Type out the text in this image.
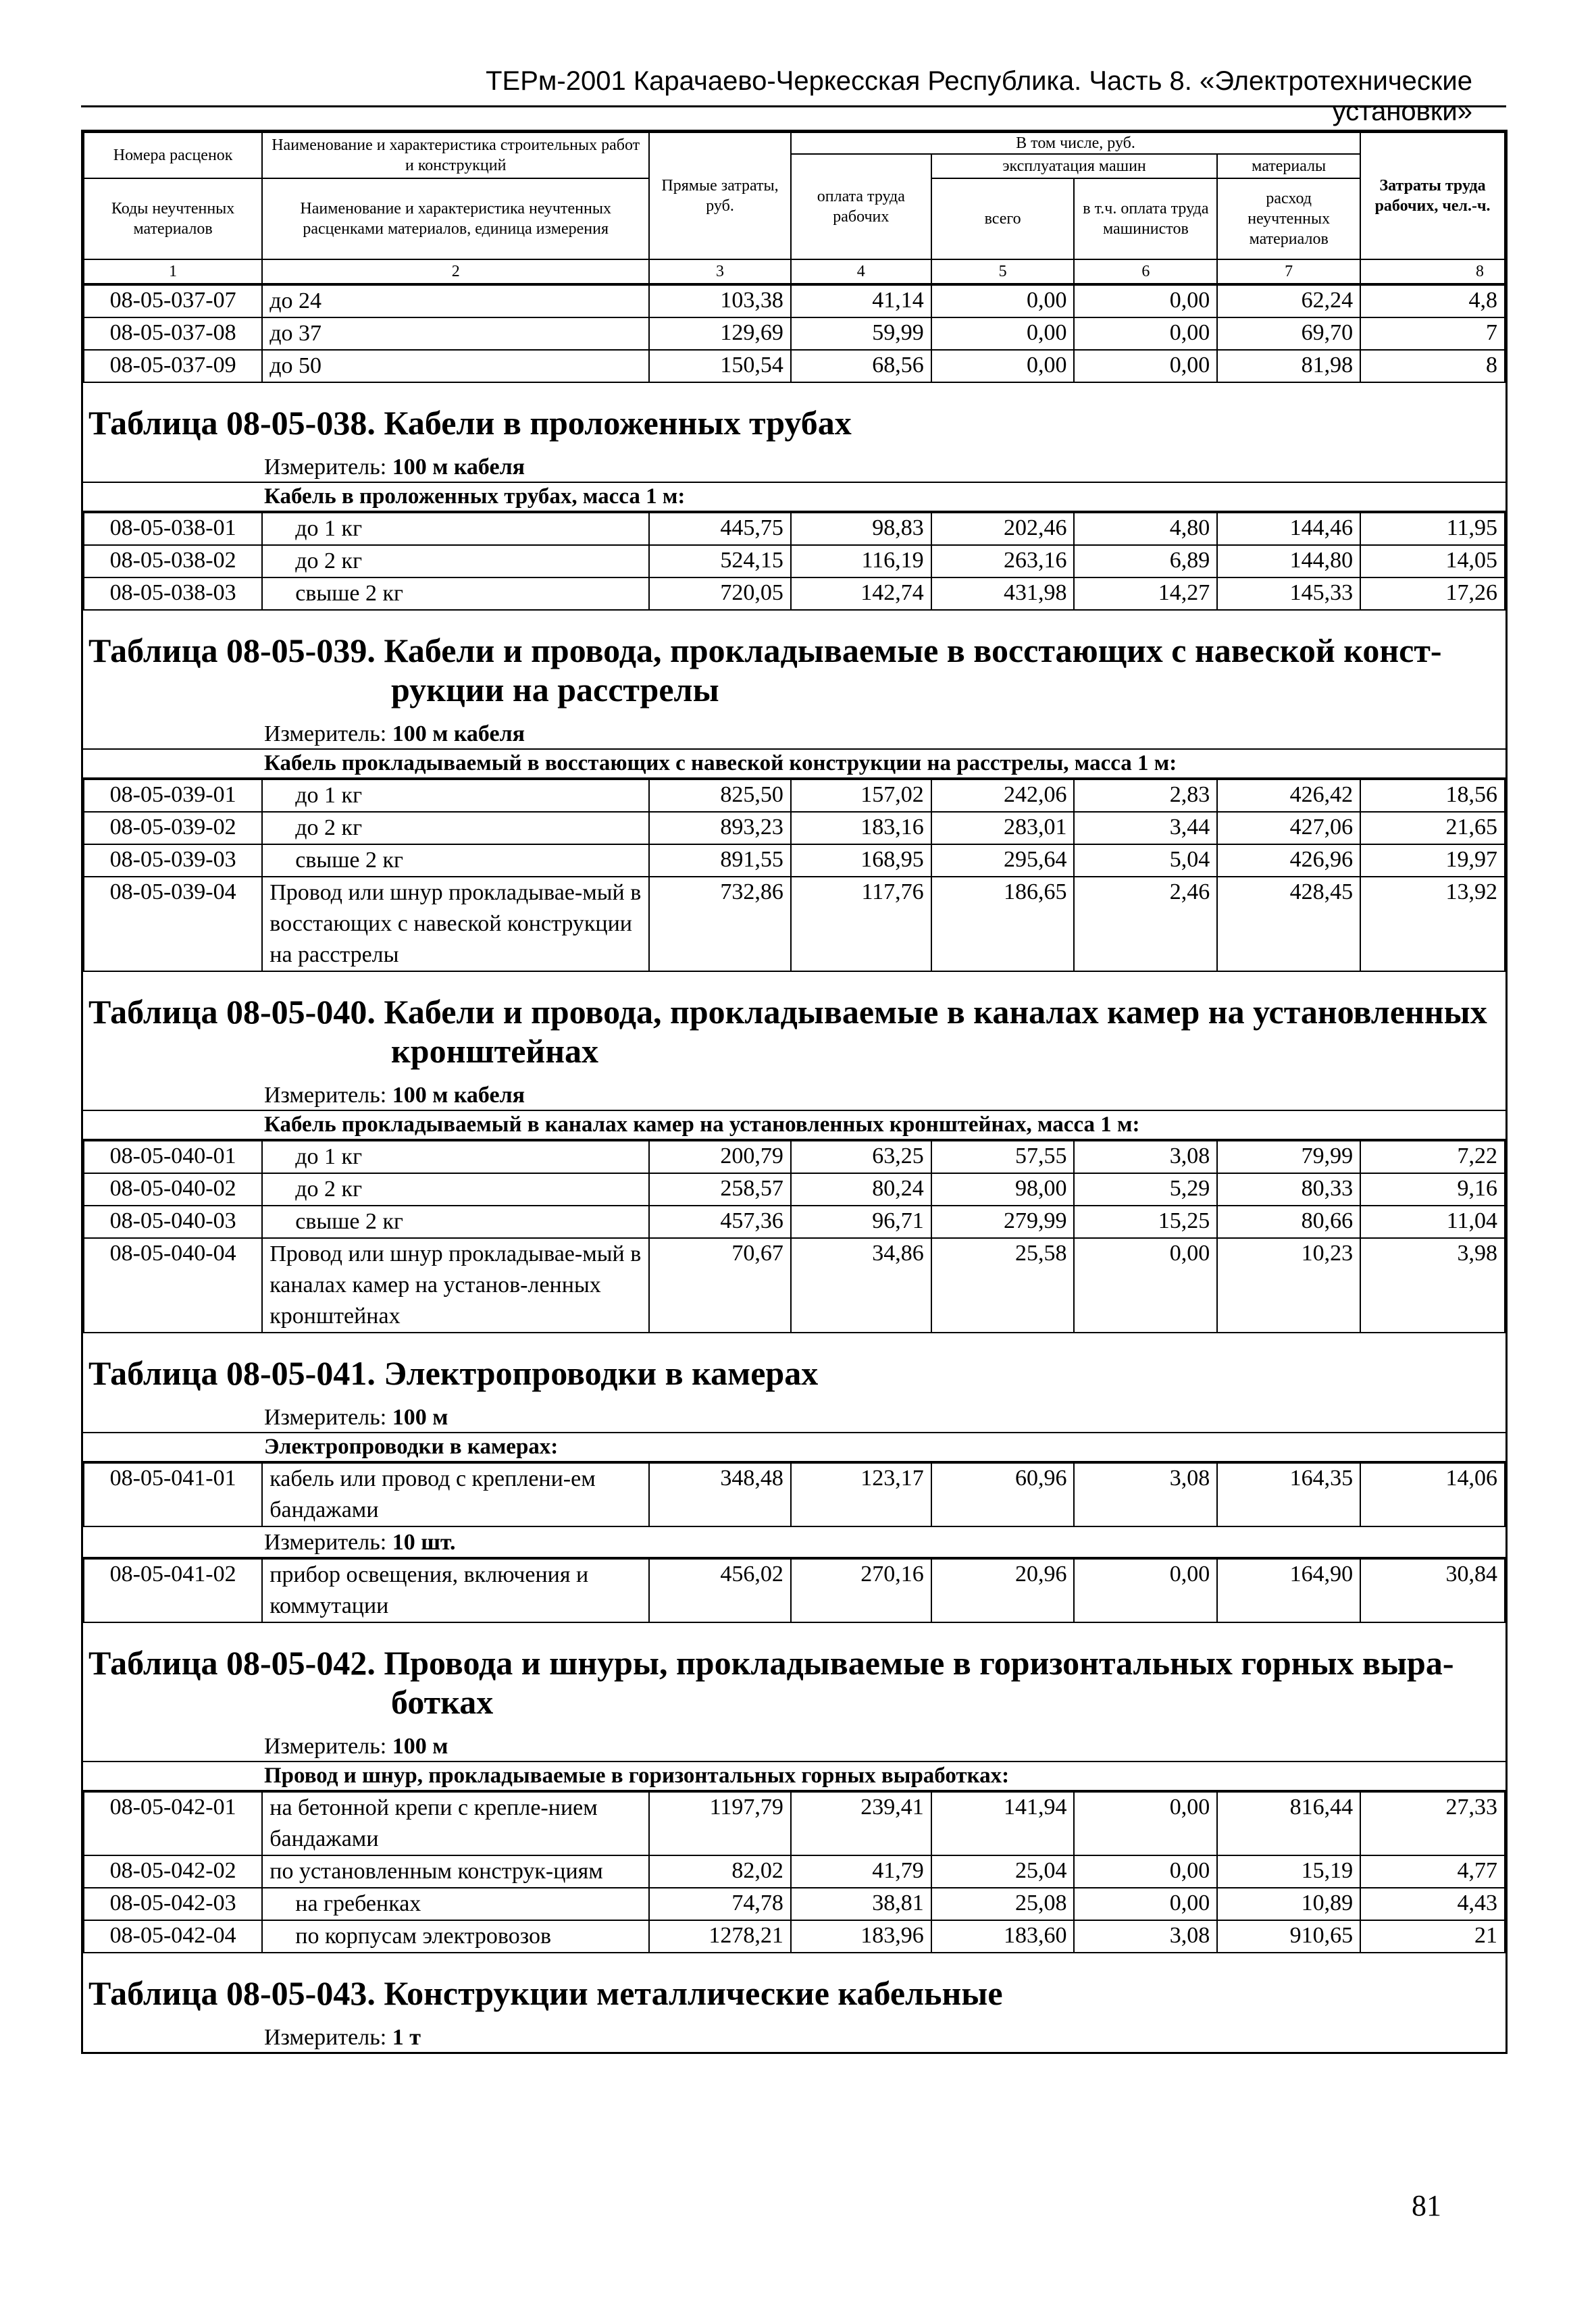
ТЕРм-2001 Карачаево-Черкесская Республика. Часть 8. «Электротехнические установки»
Номера расценок	Наименование и характеристика строительных работ и конструкций	Прямые затраты, руб.	В том числе, руб.				Затраты труда рабочих, чел.-ч.
			оплата труда рабочих	эксплуатация машин		материалы	
Коды неучтенных материалов	Наименование и характеристика неучтенных расценками материалов, единица измерения			всего	в т.ч. оплата труда машинистов	расход неучтенных материалов	

1	2	3	4	5	6	7	8
08-05-037-07	до 24	103,38	41,14	0,00	0,00	62,24	4,8
08-05-037-08	до 37	129,69	59,99	0,00	0,00	69,70	7
08-05-037-09	до 50	150,54	68,56	0,00	0,00	81,98	8
Таблица 08-05-038. Кабели в проложенных трубах
Измеритель: 100 м кабеля
Кабель в проложенных трубах, масса 1 м:
08-05-038-01	до 1 кг	445,75	98,83	202,46	4,80	144,46	11,95
08-05-038-02	до 2 кг	524,15	116,19	263,16	6,89	144,80	14,05
08-05-038-03	свыше 2 кг	720,05	142,74	431,98	14,27	145,33	17,26
Таблица 08-05-039. Кабели и провода, прокладываемые в восстающих с навеской конст-
рукции на расстрелы
Измеритель: 100 м кабеля
Кабель прокладываемый в восстающих с навеской конструкции на расстрелы, масса 1 м:
08-05-039-01	до 1 кг	825,50	157,02	242,06	2,83	426,42	18,56
08-05-039-02	до 2 кг	893,23	183,16	283,01	3,44	427,06	21,65
08-05-039-03	свыше 2 кг	891,55	168,95	295,64	5,04	426,96	19,97
08-05-039-04	Провод или шнур прокладывае-мый в восстающих с навеской конструкции на расстрелы	732,86	117,76	186,65	2,46	428,45	13,92
Таблица 08-05-040. Кабели и провода, прокладываемые в каналах камер на установленных
кронштейнах
Измеритель: 100 м кабеля
Кабель прокладываемый в каналах камер на установленных кронштейнах, масса 1 м:
08-05-040-01	до 1 кг	200,79	63,25	57,55	3,08	79,99	7,22
08-05-040-02	до 2 кг	258,57	80,24	98,00	5,29	80,33	9,16
08-05-040-03	свыше 2 кг	457,36	96,71	279,99	15,25	80,66	11,04
08-05-040-04	Провод или шнур прокладывае-мый в каналах камер на установ-ленных кронштейнах	70,67	34,86	25,58	0,00	10,23	3,98
Таблица 08-05-041. Электропроводки в камерах
Измеритель: 100 м
Электропроводки в камерах:
08-05-041-01	кабель или провод с креплени-ем бандажами	348,48	123,17	60,96	3,08	164,35	14,06
Измеритель: 10 шт.
08-05-041-02	прибор освещения, включения и коммутации	456,02	270,16	20,96	0,00	164,90	30,84
Таблица 08-05-042. Провода и шнуры, прокладываемые в горизонтальных горных выра-
ботках
Измеритель: 100 м
Провод и шнур, прокладываемые в горизонтальных горных выработках:
08-05-042-01	на бетонной крепи с крепле-нием бандажами	1197,79	239,41	141,94	0,00	816,44	27,33
08-05-042-02	по установленным конструк-циям	82,02	41,79	25,04	0,00	15,19	4,77
08-05-042-03	на гребенках	74,78	38,81	25,08	0,00	10,89	4,43
08-05-042-04	по корпусам электровозов	1278,21	183,96	183,60	3,08	910,65	21
Таблица 08-05-043. Конструкции металлические кабельные
Измеритель: 1 т
81
